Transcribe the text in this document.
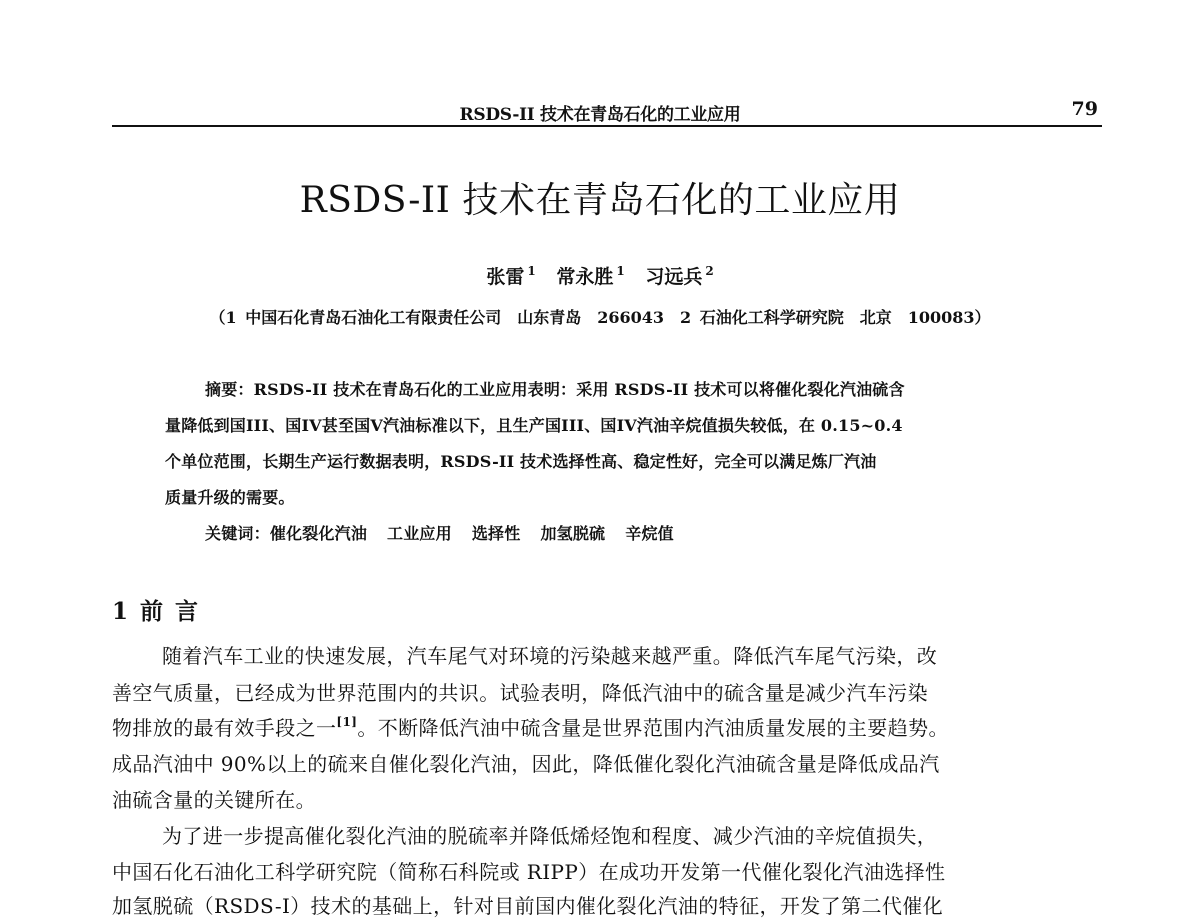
RSDS-II 技术在青岛石化的工业应用	79
RSDS-II 技术在青岛石化的工业应用
张雷 $^1$ 常永胜 $^1$ 习远兵 $^2$
（1 中国石化青岛石油化工有限责任公司　山东青岛　266043　2 石油化工科学研究院　北京　100083）
摘要：RSDS-II 技术在青岛石化的工业应用表明：采用 RSDS-II 技术可以将催化裂化汽油硫含
量降低到国III、国IV甚至国V汽油标准以下，且生产国III、国IV汽油辛烷值损失较低，在 0.15~0.4
个单位范围，长期生产运行数据表明，RSDS-II 技术选择性高、稳定性好，完全可以满足炼厂汽油
质量升级的需要。
关键词：催化裂化汽油 工业应用 选择性 加氢脱硫 辛烷值
1 前 言
随着汽车工业的快速发展，汽车尾气对环境的污染越来越严重。降低汽车尾气污染，改
善空气质量，已经成为世界范围内的共识。试验表明，降低汽油中的硫含量是减少汽车污染
物排放的最有效手段之一[1]。不断降低汽油中硫含量是世界范围内汽油质量发展的主要趋势。
成品汽油中 90%以上的硫来自催化裂化汽油，因此，降低催化裂化汽油硫含量是降低成品汽
油硫含量的关键所在。
为了进一步提高催化裂化汽油的脱硫率并降低烯烃饱和程度、减少汽油的辛烷值损失，
中国石化石油化工科学研究院（简称石科院或 RIPP）在成功开发第一代催化裂化汽油选择性
加氢脱硫（RSDS-I）技术的基础上，针对目前国内催化裂化汽油的特征，开发了第二代催化
